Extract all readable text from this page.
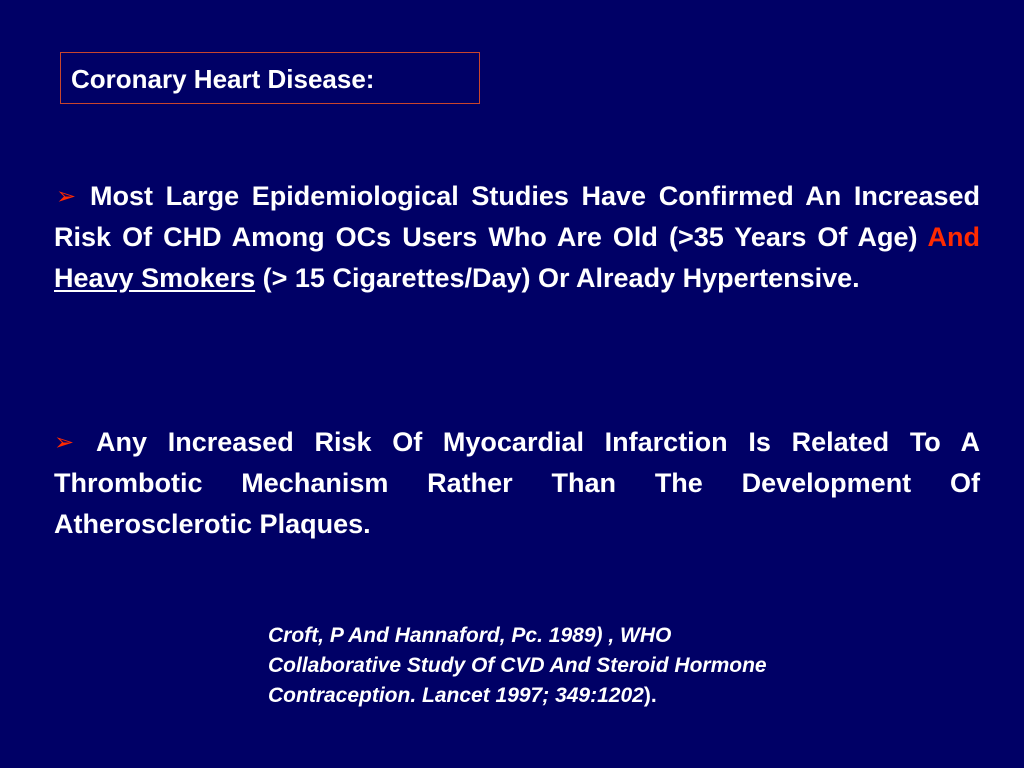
Coronary Heart Disease:
➢ Most Large Epidemiological Studies Have Confirmed An Increased Risk Of CHD Among OCs Users Who Are Old (>35 Years Of Age) And Heavy Smokers (> 15 Cigarettes/Day) Or Already Hypertensive.
➢ Any Increased Risk Of Myocardial Infarction Is Related To A Thrombotic Mechanism Rather Than The Development Of Atherosclerotic Plaques.
Croft, P And Hannaford, Pc. 1989) , WHO
Collaborative Study Of CVD And Steroid Hormone
Contraception. Lancet 1997; 349:1202).
